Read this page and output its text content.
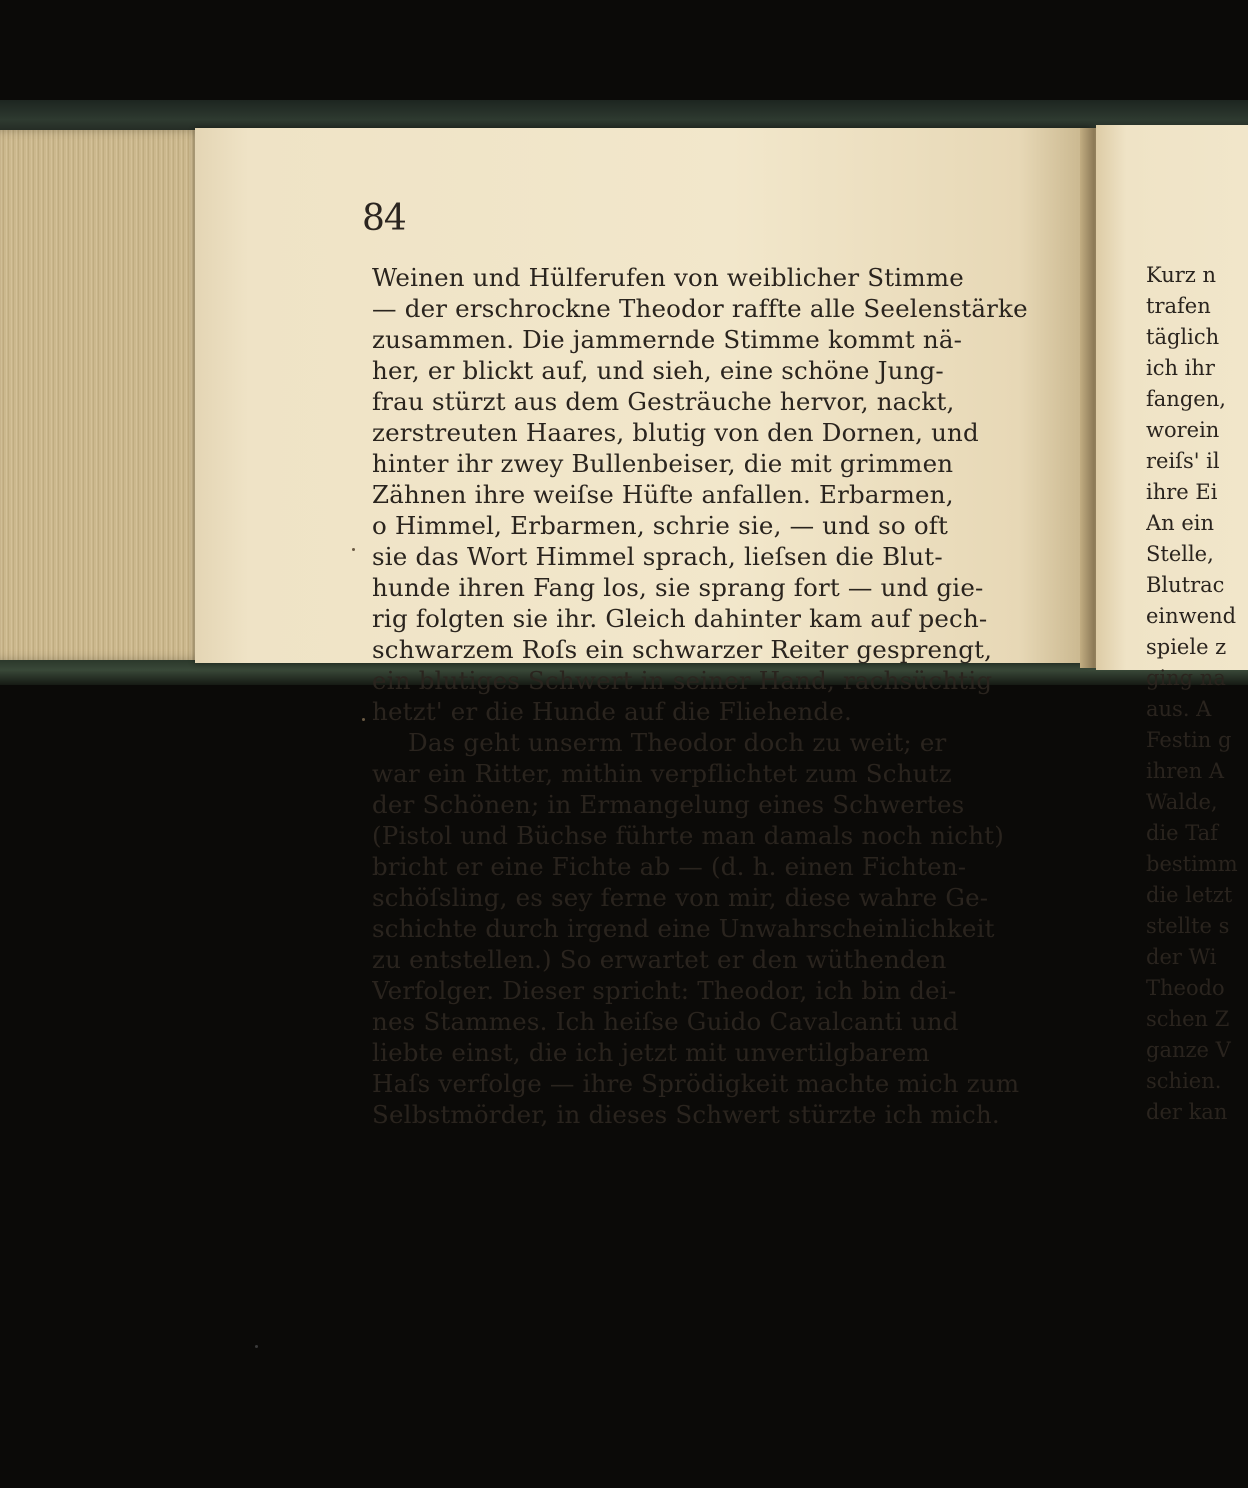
84
Weinen und Hülferufen von weiblicher Stimme
— der erschrockne Theodor raffte alle Seelenstärke
zusammen. Die jammernde Stimme kommt nä-
her, er blickt auf, und sieh, eine schöne Jung-
frau stürzt aus dem Gesträuche hervor, nackt,
zerstreuten Haares, blutig von den Dornen, und
hinter ihr zwey Bullenbeiser, die mit grimmen
Zähnen ihre weiſse Hüfte anfallen. Erbarmen,
o Himmel, Erbarmen, schrie sie, — und so oft
sie das Wort Himmel sprach, lieſsen die Blut-
hunde ihren Fang los, sie sprang fort — und gie-
rig folgten sie ihr. Gleich dahinter kam auf pech-
schwarzem Roſs ein schwarzer Reiter gesprengt,
ein blutiges Schwert in seiner Hand, rachsüchtig
hetzt' er die Hunde auf die Fliehende.
Das geht unserm Theodor doch zu weit; er
war ein Ritter, mithin verpflichtet zum Schutz
der Schönen; in Ermangelung eines Schwertes
(Pistol und Büchse führte man damals noch nicht)
bricht er eine Fichte ab — (d. h. einen Fichten-
schöſsling, es sey ferne von mir, diese wahre Ge-
schichte durch irgend eine Unwahrscheinlichkeit
zu entstellen.) So erwartet er den wüthenden
Verfolger. Dieser spricht: Theodor, ich bin dei-
nes Stammes. Ich heiſse Guido Cavalcanti und
liebte einst, die ich jetzt mit unvertilgbarem
Haſs verfolge — ihre Sprödigkeit machte mich zum
Selbstmörder, in dieses Schwert stürzte ich mich.
Kurz n
trafen
täglich
ich ihr
fangen,
worein
reiſs' il
ihre Ei
An ein
Stelle,
Blutrac
einwend
spiele z
ging na
aus. A
Festin g
ihren A
Walde,
die Taf
bestimm
die letzt
stellte s
der Wi
Theodo
schen Z
ganze V
schien.
der kan
